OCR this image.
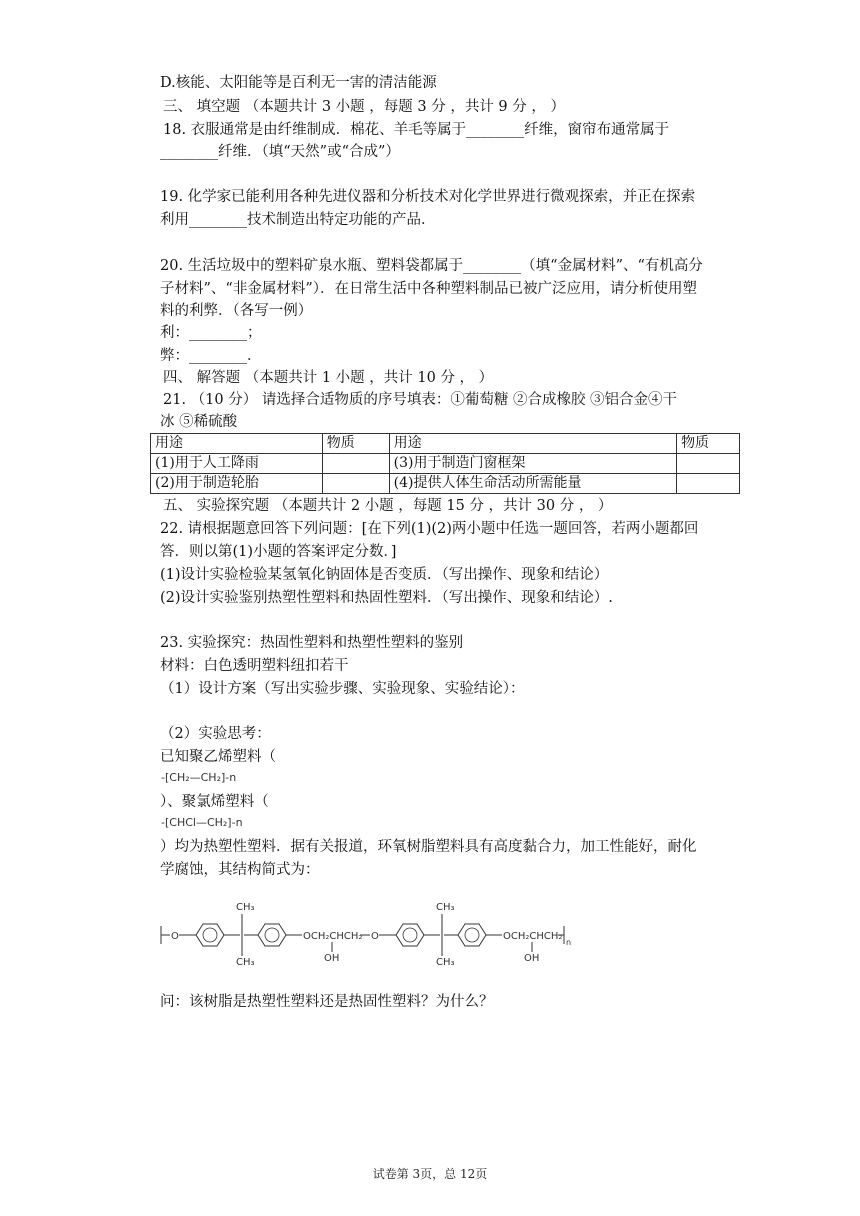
D.核能、太阳能等是百利无一害的清洁能源
三、 填空题 （本题共计 3 小题 ，每题 3 分 ，共计 9 分 ， ）
18. 衣服通常是由纤维制成．棉花、羊毛等属于________纤维，窗帘布通常属于
________纤维．（填“天然”或“合成”）
19. 化学家已能利用各种先进仪器和分析技术对化学世界进行微观探索，并正在探索
利用________技术制造出特定功能的产品．
20. 生活垃圾中的塑料矿泉水瓶、塑料袋都属于________（填“金属材料”、“有机高分
子材料”、“非金属材料”）．在日常生活中各种塑料制品已被广泛应用，请分析使用塑
料的利弊．（各写一例）
利：________；
弊：________．
四、 解答题 （本题共计 1 小题 ，共计 10 分 ， ）
21. （10 分） 请选择合适物质的序号填表：①葡萄糖 ②合成橡胶 ③铝合金④干
冰 ⑤稀硫酸
用途	物质	用途	物质
(1)用于人工降雨		(3)用于制造门窗框架	
(2)用于制造轮胎		(4)提供人体生命活动所需能量	
五、 实验探究题 （本题共计 2 小题 ，每题 15 分 ，共计 30 分 ， ）
22. 请根据题意回答下列问题：[在下列(1)(2)两小题中任选一题回答，若两小题都回
答．则以第(1)小题的答案评定分数．]
(1)设计实验检验某氢氧化钠固体是否变质．（写出操作、现象和结论）
(2)设计实验鉴别热塑性塑料和热固性塑料．（写出操作、现象和结论）.
23. 实验探究：热固性塑料和热塑性塑料的鉴别
材料：白色透明塑料纽扣若干
（1）设计方案（写出实验步骤、实验现象、实验结论）：
（2）实验思考：
已知聚乙烯塑料（
-[CH₂—CH₂]-n
）、聚氯烯塑料（
-[CHCl—CH₂]-n
）均为热塑性塑料．据有关报道，环氧树脂塑料具有高度黏合力，加工性能好，耐化
学腐蚀，其结构简式为：
O
CH₃
CH₃
OCH₂CHCH₂
OH
O
CH₃
CH₃
OCH₂CHCH₂
OH
n
问：该树脂是热塑性塑料还是热固性塑料？为什么？
试卷第 3页，总 12页
